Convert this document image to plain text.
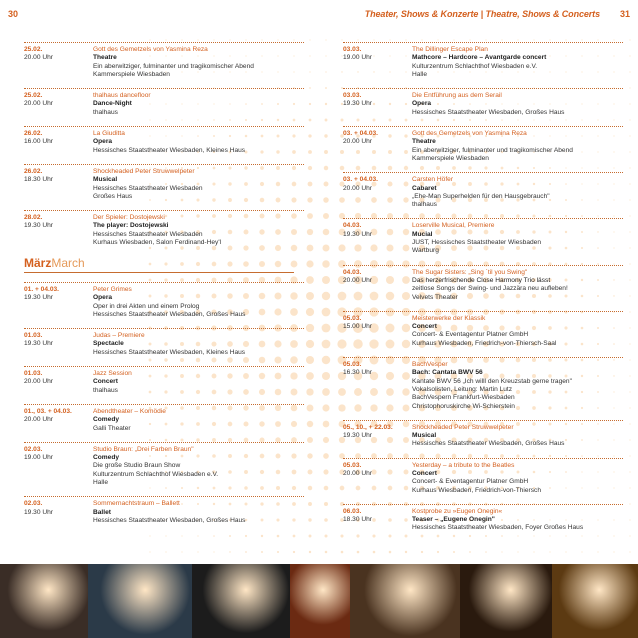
30	Theater, Shows & Konzerte | Theatre, Shows & Concerts 31
25.02.
20.00 Uhr
Gott des Gemetzels von Yasmina Reza
Theatre
Ein aberwitziger, fulminanter und tragikomischer Abend
Kammerspiele Wiesbaden
25.02.
20.00 Uhr
thalhaus dancefloor
Dance-Night
thalhaus
26.02.
16.00 Uhr
La Giuditta
Opera
Hessisches Staatstheater Wiesbaden, Kleines Haus
26.02.
18.30 Uhr
Shockheaded Peter Struwwelpeter
Musical
Hessisches Staatstheater Wiesbaden
Großes Haus
28.02.
19.30 Uhr
Der Spieler: Dostojewski
The player: Dostojewski
Hessisches Staatstheater Wiesbaden
Kurhaus Wiesbaden, Salon Ferdinand-Hey'l
MärzMarch
01. + 04.03.
19.30 Uhr
Peter Grimes
Opera
Oper in drei Akten und einem Prolog
Hessisches Staatstheater Wiesbaden, Großes Haus
01.03.
19.30 Uhr
Judas – Premiere
Spectacle
Hessisches Staatstheater Wiesbaden, Kleines Haus
01.03.
20.00 Uhr
Jazz Session
Concert
thalhaus
01., 03. + 04.03.
20.00 Uhr
Abendtheater – Komödie
Comedy
Galli Theater
02.03.
19.00 Uhr
Studio Braun: „Drei Farben Braun"
Comedy
Die große Studio Braun Show
Kulturzentrum Schlachthof Wiesbaden e.V.
Halle
02.03.
19.30 Uhr
Sommernachtstraum – Ballett
Ballet
Hessisches Staatstheater Wiesbaden, Großes Haus
03.03.
19.00 Uhr
The Dillinger Escape Plan
Mathcore – Hardcore – Avantgarde concert
Kulturzentrum Schlachthof Wiesbaden e.V.
Halle
03.03.
19.30 Uhr
Die Entführung aus dem Serail
Opera
Hessisches Staatstheater Wiesbaden, Großes Haus
03. + 04.03.
20.00 Uhr
Gott des Gemetzels von Yasmina Reza
Theatre
Ein aberwitziger, fulminanter und tragikomischer Abend
Kammerspiele Wiesbaden
03. + 04.03.
20.00 Uhr
Carsten Höfer
Cabaret
„Ehe-Man Superhelden für den Hausgebrauch"
thalhaus
04.03.
19.30 Uhr
Loserville Musical, Premiere
Mucial
JUST, Hessisches Staatstheater Wiesbaden
Wartburg
04.03.
20.00 Uhr
The Sugar Sisters: „Sing `til you Swing"
Das herzerfrischende Close Harmony Trio lässt
zeitlose Songs der Swing- und Jazzära neu aufleben!
Velvets Theater
05.03.
15.00 Uhr
Meisterwerke der Klassik
Concert
Concert- & Eventagentur Platner GmbH
Kurhaus Wiesbaden, Friedrich-von-Thiersch-Saal
05.03.
16.30 Uhr
BachVesper
Bach: Cantata BWV 56
Kantate BWV 56 „Ich willl den Kreuzstab gerne tragen"
Vokalsolisten, Leitung: Martin Lutz
BachVespern Frankfurt-Wiesbaden
Christophoruskirche Wi-Schierstein
05., 10., + 22.03.
19.30 Uhr
Shockheaded Peter Struwwelpeter
Musical
Hessisches Staatstheater Wiesbaden, Großes Haus
05.03.
20.00 Uhr
Yesterday – a tribute to the Beatles
Concert
Concert- & Eventagentur Platner GmbH
Kurhaus Wiesbaden, Friedrich-von-Thiersch
06.03.
18.30 Uhr
Kostprobe zu »Eugen Onegin«
Teaser – „Eugene Onegin"
Hessisches Staatstheater Wiesbaden, Foyer Großes Haus
